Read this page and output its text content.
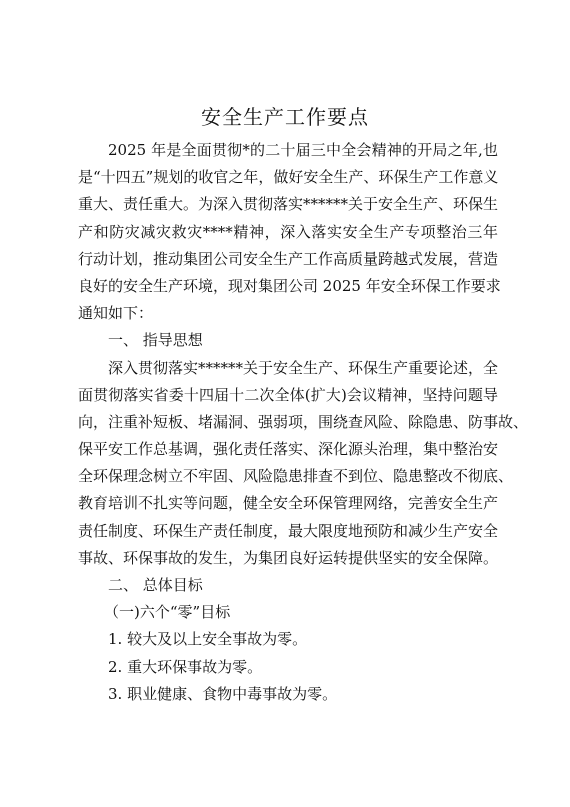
安全生产工作要点
2025 年是全面贯彻*的二十届三中全会精神的开局之年,也
是“十四五”规划的收官之年，做好安全生产、环保生产工作意义
重大、责任重大。为深入贯彻落实******关于安全生产、环保生
产和防灾减灾救灾****精神，深入落实安全生产专项整治三年
行动计划，推动集团公司安全生产工作高质量跨越式发展，营造
良好的安全生产环境，现对集团公司 2025 年安全环保工作要求
通知如下：
一、 指导思想
深入贯彻落实******关于安全生产、环保生产重要论述，全
面贯彻落实省委十四届十二次全体(扩大)会议精神，坚持问题导
向，注重补短板、堵漏洞、强弱项，围绕查风险、除隐患、防事故、
保平安工作总基调，强化责任落实、深化源头治理，集中整治安
全环保理念树立不牢固、风险隐患排查不到位、隐患整改不彻底、
教育培训不扎实等问题，健全安全环保管理网络，完善安全生产
责任制度、环保生产责任制度，最大限度地预防和减少生产安全
事故、环保事故的发生，为集团良好运转提供坚实的安全保障。
二、 总体目标
（一)六个“零”目标
1. 较大及以上安全事故为零。
2. 重大环保事故为零。
3. 职业健康、食物中毒事故为零。
